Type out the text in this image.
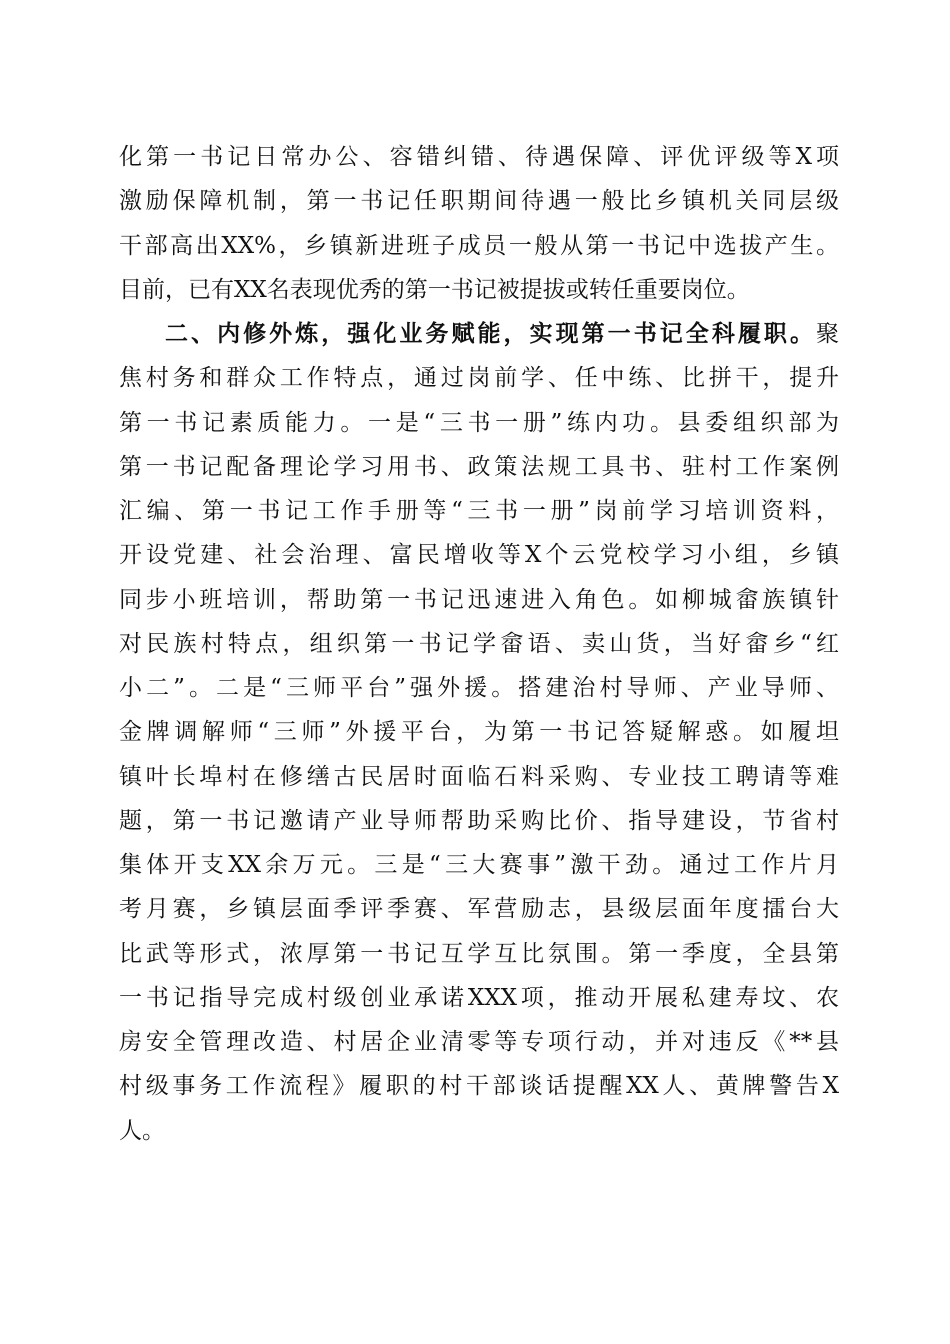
化第一书记日常办公、容错纠错、待遇保障、评优评级等X项
激励保障机制，第一书记任职期间待遇一般比乡镇机关同层级
干部高出XX%，乡镇新进班子成员一般从第一书记中选拔产生。
目前，已有XX名表现优秀的第一书记被提拔或转任重要岗位。
二、内修外炼，强化业务赋能，实现第一书记全科履职。聚
焦村务和群众工作特点，通过岗前学、任中练、比拼干，提升
第一书记素质能力。一是“三书一册”练内功。县委组织部为
第一书记配备理论学习用书、政策法规工具书、驻村工作案例
汇编、第一书记工作手册等“三书一册”岗前学习培训资料，
开设党建、社会治理、富民增收等X个云党校学习小组，乡镇
同步小班培训，帮助第一书记迅速进入角色。如柳城畲族镇针
对民族村特点，组织第一书记学畲语、卖山货，当好畲乡“红
小二”。二是“三师平台”强外援。搭建治村导师、产业导师、
金牌调解师“三师”外援平台，为第一书记答疑解惑。如履坦
镇叶长埠村在修缮古民居时面临石料采购、专业技工聘请等难
题，第一书记邀请产业导师帮助采购比价、指导建设，节省村
集体开支XX余万元。三是“三大赛事”激干劲。通过工作片月
考月赛，乡镇层面季评季赛、军营励志，县级层面年度擂台大
比武等形式，浓厚第一书记互学互比氛围。第一季度，全县第
一书记指导完成村级创业承诺XXX项，推动开展私建寿坟、农
房安全管理改造、村居企业清零等专项行动，并对违反《**县
村级事务工作流程》履职的村干部谈话提醒XX人、黄牌警告X
人。
